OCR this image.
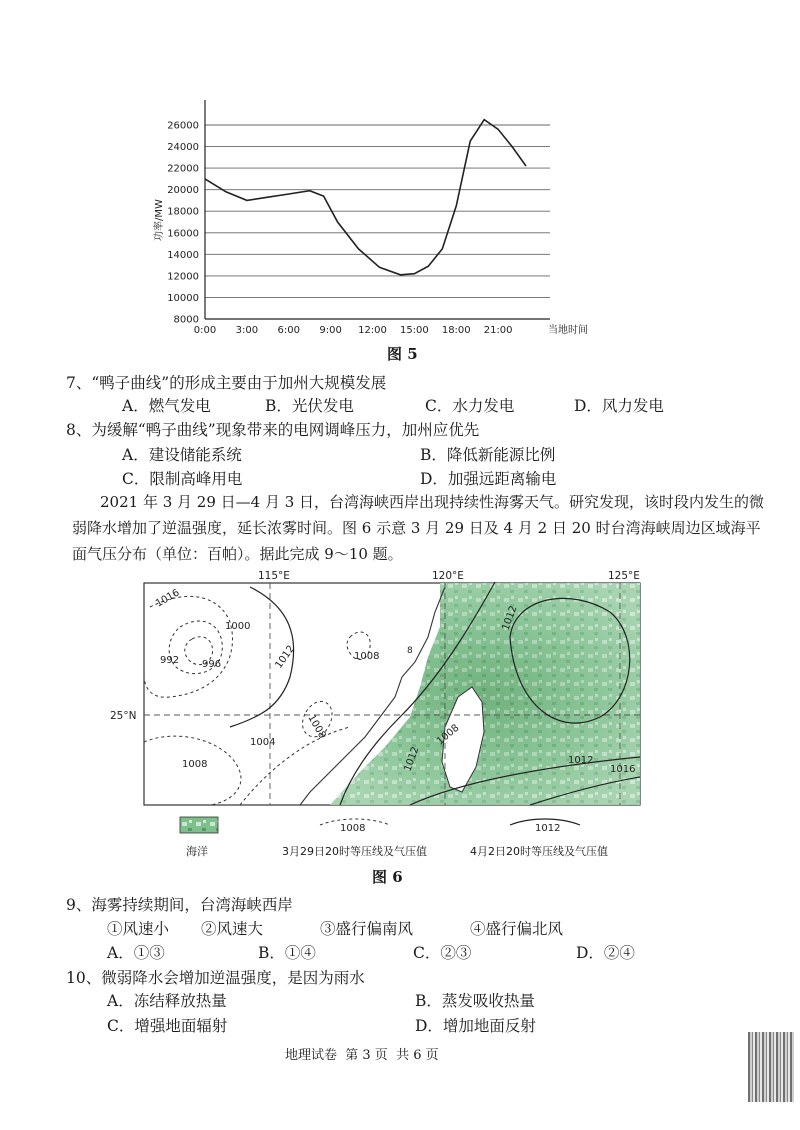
26000
24000
22000
20000
18000
16000
14000
12000
10000
8000
0:00 3:00 6:00 9:00 12:00 15:00 18:00 21:00
功率/MW
当地时间
图 5
7、“鸭子曲线”的形成主要由于加州大规模发展
A．燃气发电	B．光伏发电	C．水力发电	D．风力发电
8、为缓解“鸭子曲线”现象带来的电网调峰压力，加州应优先
A．建设储能系统	B．降低新能源比例
C．限制高峰用电	D．加强远距离输电
2021 年 3 月 29 日—4 月 3 日，台湾海峡西岸出现持续性海雾天气。研究发现，该时段内发生的微弱降水增加了逆温强度，延长浓雾时间。图 6 示意 3 月 29 日及 4 月 2 日 20 时台湾海峡周边区域海平面气压分布（单位：百帕）。据此完成 9～10 题。
8
1016
1000
992 996	1012	1008
1008
1004
1008
1008
1012
1012
1012
1016
115°E	120°E	125°E
25°N
1008	1012
海洋	3月29日20时等压线及气压值	4月2日20时等压线及气压值
图 6
9、海雾持续期间，台湾海峡西岸
①风速小 ②风速大	③盛行偏南风	④盛行偏北风
A．①③	B．①④	C．②③	D．②④
10、微弱降水会增加逆温强度，是因为雨水
A．冻结释放热量	B．蒸发吸收热量
C．增强地面辐射	D．增加地面反射
地理试卷  第 3 页  共 6 页
